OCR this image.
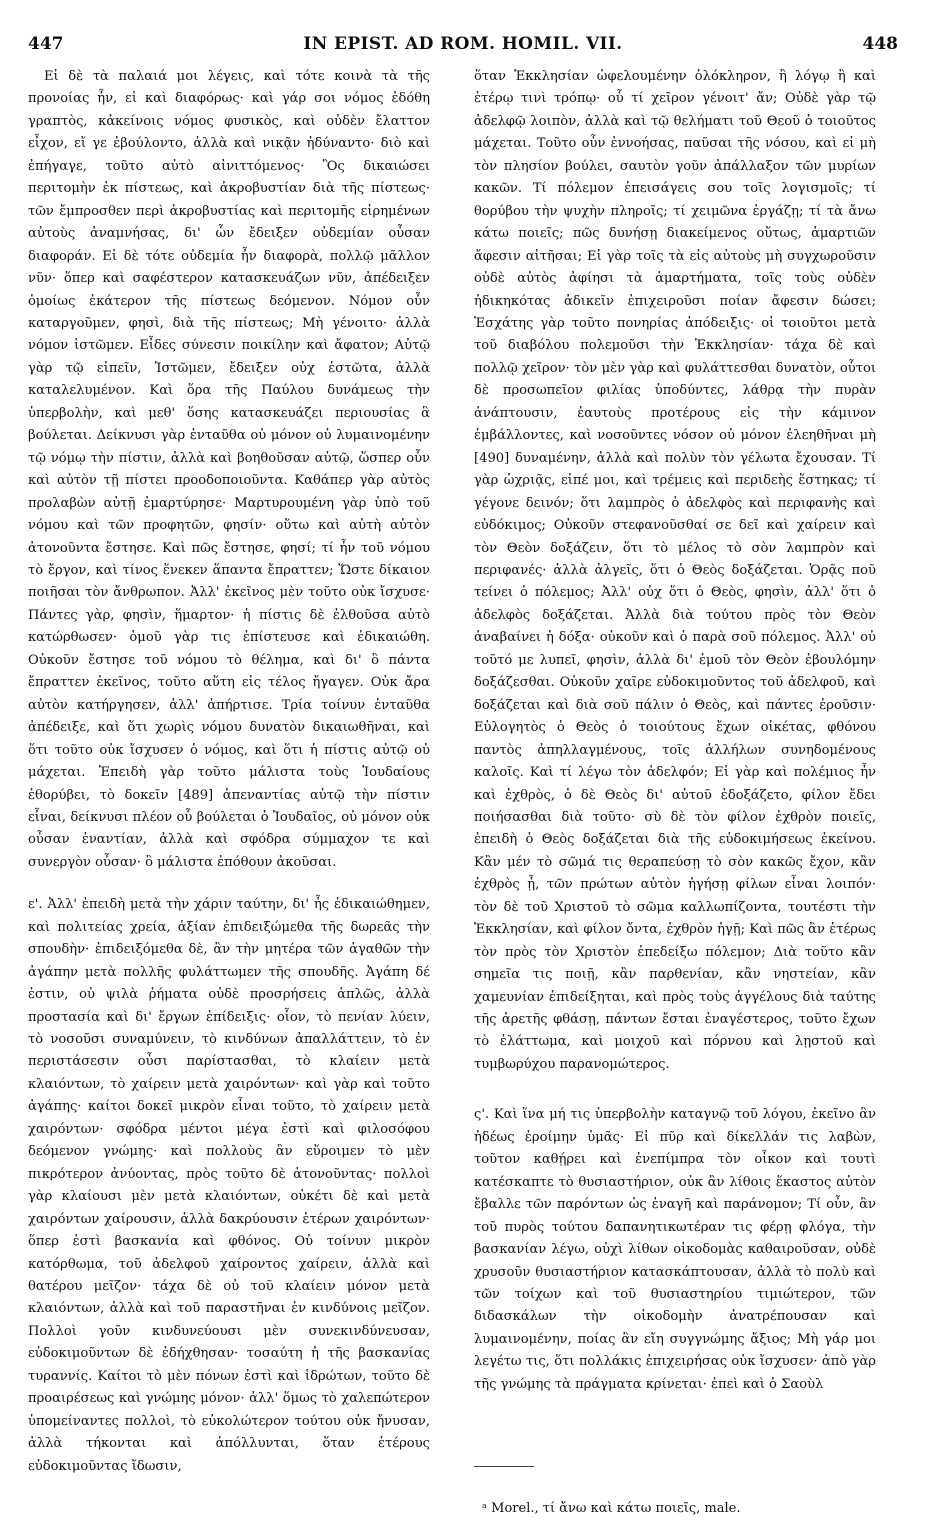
447	IN EPIST. AD ROM. HOMIL. VII.	448

Εἰ δὲ τὰ παλαιά μοι λέγεις, καὶ τότε κοινὰ τὰ τῆς προνοίας ἦν, εἰ καὶ διαφόρως· καὶ γάρ σοι νόμος ἐδόθη γραπτὸς, κἀκείνοις νόμος φυσικὸς, καὶ οὐδὲν ἔλαττον εἶχον, εἴ γε ἐβούλοντο, ἀλλὰ καὶ νικᾷν ἠδύναντο· διὸ καὶ ἐπήγαγε, τοῦτο αὐτὸ αἰνιττόμενος· Ὃς δικαιώσει περιτομὴν ἐκ πίστεως, καὶ ἀκροβυστίαν διὰ τῆς πίστεως· τῶν ἔμπροσθεν περὶ ἀκροβυστίας καὶ περιτομῆς εἰρημένων αὐτοὺς ἀναμνήσας, δι' ὧν ἔδειξεν οὐδεμίαν οὖσαν διαφοράν. Εἰ δὲ τότε οὐδεμία ἦν διαφορὰ, πολλῷ μᾶλλον νῦν· ὅπερ καὶ σαφέστερον κατασκευάζων νῦν, ἀπέδειξεν ὁμοίως ἑκάτερον τῆς πίστεως δεόμενον. Νόμον οὖν καταργοῦμεν, φησὶ, διὰ τῆς πίστεως; Μὴ γένοιτο· ἀλλὰ νόμον ἱστῶμεν. Εἶδες σύνεσιν ποικίλην καὶ ἄφατον; Αὐτῷ γὰρ τῷ εἰπεῖν, Ἱστῶμεν, ἔδειξεν οὐχ ἑστῶτα, ἀλλὰ καταλελυμένον. Καὶ ὅρα τῆς Παύλου δυνάμεως τὴν ὑπερβολὴν, καὶ μεθ' ὅσης κατασκευάζει περιουσίας ἃ βούλεται. Δείκνυσι γὰρ ἐνταῦθα οὐ μόνον οὐ λυμαινομένην τῷ νόμῳ τὴν πίστιν, ἀλλὰ καὶ βοηθοῦσαν αὐτῷ, ὥσπερ οὖν καὶ αὐτὸν τῇ πίστει προοδοποιοῦντα. Καθάπερ γὰρ αὐτὸς προλαβὼν αὐτῇ ἐμαρτύρησε· Μαρτυρουμένη γὰρ ὑπὸ τοῦ νόμου καὶ τῶν προφητῶν, φησίν· οὕτω καὶ αὐτὴ αὐτὸν ἀτονοῦντα ἔστησε. Καὶ πῶς ἔστησε, φησί; τί ἦν τοῦ νόμου τὸ ἔργον, καὶ τίνος ἕνεκεν ἅπαντα ἔπραττεν; Ὥστε δίκαιον ποιῆσαι τὸν ἄνθρωπον. Ἀλλ' ἐκεῖνος μὲν τοῦτο οὐκ ἴσχυσε· Πάντες γὰρ, φησὶν, ἥμαρτον· ἡ πίστις δὲ ἐλθοῦσα αὐτὸ κατώρθωσεν· ὁμοῦ γὰρ τις ἐπίστευσε καὶ ἐδικαιώθη. Οὐκοῦν ἔστησε τοῦ νόμου τὸ θέλημα, καὶ δι' ὃ πάντα ἔπραττεν ἐκεῖνος, τοῦτο αὕτη εἰς τέλος ἤγαγεν. Οὐκ ἄρα αὐτὸν κατήργησεν, ἀλλ' ἀπήρτισε. Τρία τοίνυν ἐνταῦθα ἀπέδειξε, καὶ ὅτι χωρὶς νόμου δυνατὸν δικαιωθῆναι, καὶ ὅτι τοῦτο οὐκ ἴσχυσεν ὁ νόμος, καὶ ὅτι ἡ πίστις αὐτῷ οὐ μάχεται. Ἐπειδὴ γὰρ τοῦτο μάλιστα τοὺς Ἰουδαίους ἐθορύβει, τὸ δοκεῖν [489] ἀπεναντίας αὐτῷ τὴν πίστιν εἶναι, δείκνυσι πλέον οὗ βούλεται ὁ Ἰουδαῖος, οὐ μόνον οὐκ οὖσαν ἐναντίαν, ἀλλὰ καὶ σφόδρα σύμμαχον τε καὶ συνεργὸν οὖσαν· ὃ μάλιστα ἐπόθουν ἀκοῦσαι.

ε'. Ἀλλ' ἐπειδὴ μετὰ τὴν χάριν ταύτην, δι' ἧς ἐδικαιώθημεν, καὶ πολιτείας χρεία, ἀξίαν ἐπιδειξώμεθα τῆς δωρεᾶς τὴν σπουδὴν· ἐπιδειξόμεθα δὲ, ἂν τὴν μητέρα τῶν ἀγαθῶν τὴν ἀγάπην μετὰ πολλῆς φυλάττωμεν τῆς σπουδῆς. Ἀγάπη δέ ἐστιν, οὐ ψιλὰ ῥήματα οὐδὲ προσρήσεις ἁπλῶς, ἀλλὰ προστασία καὶ δι' ἔργων ἐπίδειξις· οἷον, τὸ πενίαν λύειν, τὸ νοσοῦσι συναμύνειν, τὸ κινδύνων ἀπαλλάττειν, τὸ ἐν περιστάσεσιν οὖσι παρίστασθαι, τὸ κλαίειν μετὰ κλαιόντων, τὸ χαίρειν μετὰ χαιρόντων· καὶ γὰρ καὶ τοῦτο ἀγάπης· καίτοι δοκεῖ μικρὸν εἶναι τοῦτο, τὸ χαίρειν μετὰ χαιρόντων· σφόδρα μέντοι μέγα ἐστὶ καὶ φιλοσόφου δεόμενον γνώμης· καὶ πολλοὺς ἂν εὕροιμεν τὸ μὲν πικρότερον ἀνύοντας, πρὸς τοῦτο δὲ ἀτονοῦντας· πολλοὶ γὰρ κλαίουσι μὲν μετὰ κλαιόντων, οὐκέτι δὲ καὶ μετὰ χαιρόντων χαίρουσιν, ἀλλὰ δακρύουσιν ἑτέρων χαιρόντων· ὅπερ ἐστὶ βασκανία καὶ φθόνος. Οὐ τοίνυν μικρὸν κατόρθωμα, τοῦ ἀδελφοῦ χαίροντος χαίρειν, ἀλλὰ καὶ θατέρου μεῖζον· τάχα δὲ οὐ τοῦ κλαίειν μόνον μετὰ κλαιόντων, ἀλλὰ καὶ τοῦ παραστῆναι ἐν κινδύνοις μεῖζον. Πολλοὶ γοῦν κινδυνεύουσι μὲν συνεκινδύνευσαν, εὐδοκιμοῦντων δὲ ἐδήχθησαν· τοσαύτη ἡ τῆς βασκανίας τυραννίς. Καίτοι τὸ μὲν πόνων ἐστὶ καὶ ἱδρώτων, τοῦτο δὲ προαιρέσεως καὶ γνώμης μόνον· ἀλλ' ὅμως τὸ χαλεπώτερον ὑπομείναντες πολλοὶ, τὸ εὐκολώτερον τούτου οὐκ ἤνυσαν, ἀλλὰ τήκονται καὶ ἀπόλλυνται, ὅταν ἑτέρους εὐδοκιμοῦντας ἴδωσιν,

ὅταν Ἐκκλησίαν ὠφελουμένην ὁλόκληρον, ἢ λόγῳ ἢ καὶ ἑτέρῳ τινὶ τρόπῳ· οὗ τί χεῖρον γένοιτ' ἄν; Οὐδὲ γὰρ τῷ ἀδελφῷ λοιπὸν, ἀλλὰ καὶ τῷ θελήματι τοῦ Θεοῦ ὁ τοιοῦτος μάχεται. Τοῦτο οὖν ἐννοήσας, παῦσαι τῆς νόσου, καὶ εἰ μὴ τὸν πλησίον βούλει, σαυτὸν γοῦν ἀπάλλαξον τῶν μυρίων κακῶν. Τί πόλεμον ἐπεισάγεις σου τοῖς λογισμοῖς; τί θορύβου τὴν ψυχὴν πληροῖς; τί χειμῶνα ἐργάζῃ; τί τὰ ἄνω κάτω ποιεῖς; πῶς δυνήσῃ διακείμενος οὕτως, ἁμαρτιῶν ἄφεσιν αἰτῆσαι; Εἰ γὰρ τοῖς τὰ εἰς αὐτοὺς μὴ συγχωροῦσιν οὐδὲ αὐτὸς ἀφίησι τὰ ἁμαρτήματα, τοῖς τοὺς οὐδὲν ἠδικηκότας ἀδικεῖν ἐπιχειροῦσι ποίαν ἄφεσιν δώσει; Ἐσχάτης γὰρ τοῦτο πονηρίας ἀπόδειξις· οἱ τοιοῦτοι μετὰ τοῦ διαβόλου πολεμοῦσι τὴν Ἐκκλησίαν· τάχα δὲ καὶ πολλῷ χεῖρον· τὸν μὲν γὰρ καὶ φυλάττεσθαι δυνατὸν, οὗτοι δὲ προσωπεῖον φιλίας ὑποδύντες, λάθρᾳ τὴν πυρὰν ἀνάπτουσιν, ἑαυτοὺς προτέρους εἰς τὴν κάμινον ἐμβάλλοντες, καὶ νοσοῦντες νόσον οὐ μόνον ἐλεηθῆναι μὴ [490] δυναμένην, ἀλλὰ καὶ πολὺν τὸν γέλωτα ἔχουσαν. Τί γὰρ ὠχριᾷς, εἰπέ μοι, καὶ τρέμεις καὶ περιδεὴς ἕστηκας; τί γέγονε δεινόν; ὅτι λαμπρὸς ὁ ἀδελφὸς καὶ περιφανὴς καὶ εὐδόκιμος; Οὐκοῦν στεφανοῦσθαί σε δεῖ καὶ χαίρειν καὶ τὸν Θεὸν δοξάζειν, ὅτι τὸ μέλος τὸ σὸν λαμπρὸν καὶ περιφανές· ἀλλὰ ἀλγεῖς, ὅτι ὁ Θεὸς δοξάζεται. Ὁρᾷς ποῦ τείνει ὁ πόλεμος; Ἀλλ' οὐχ ὅτι ὁ Θεὸς, φησὶν, ἀλλ' ὅτι ὁ ἀδελφὸς δοξάζεται. Ἀλλὰ διὰ τούτου πρὸς τὸν Θεὸν ἀναβαίνει ἡ δόξα· οὐκοῦν καὶ ὁ παρὰ σοῦ πόλεμος. Ἀλλ' οὐ τοῦτό με λυπεῖ, φησὶν, ἀλλὰ δι' ἐμοῦ τὸν Θεὸν ἐβουλόμην δοξάζεσθαι. Οὐκοῦν χαῖρε εὐδοκιμοῦντος τοῦ ἀδελφοῦ, καὶ δοξάζεται καὶ διὰ σοῦ πάλιν ὁ Θεὸς, καὶ πάντες ἐροῦσιν· Εὐλογητὸς ὁ Θεὸς ὁ τοιούτους ἔχων οἰκέτας, φθόνου παντὸς ἀπηλλαγμένους, τοῖς ἀλλήλων συνηδομένους καλοῖς. Καὶ τί λέγω τὸν ἀδελφόν; Εἰ γὰρ καὶ πολέμιος ἦν καὶ ἐχθρὸς, ὁ δὲ Θεὸς δι' αὐτοῦ ἐδοξάζετο, φίλον ἔδει ποιήσασθαι διὰ τοῦτο· σὺ δὲ τὸν φίλον ἐχθρὸν ποιεῖς, ἐπειδὴ ὁ Θεὸς δοξάζεται διὰ τῆς εὐδοκιμήσεως ἐκείνου. Κἂν μέν τὸ σῶμά τις θεραπεύσῃ τὸ σὸν κακῶς ἔχον, κἂν ἐχθρὸς ᾖ, τῶν πρώτων αὐτὸν ἡγήσῃ φίλων εἶναι λοιπόν· τὸν δὲ τοῦ Χριστοῦ τὸ σῶμα καλλωπίζοντα, τουτέστι τὴν Ἐκκλησίαν, καὶ φίλον ὄντα, ἐχθρὸν ἡγῇ; Καὶ πῶς ἂν ἑτέρως τὸν πρὸς τὸν Χριστὸν ἐπεδείξω πόλεμον; Διὰ τοῦτο κἂν σημεῖα τις ποιῇ, κἂν παρθενίαν, κἂν νηστείαν, κἂν χαμευνίαν ἐπιδείξηται, καὶ πρὸς τοὺς ἀγγέλους διὰ ταύτης τῆς ἀρετῆς φθάσῃ, πάντων ἔσται ἐναγέστερος, τοῦτο ἔχων τὸ ἐλάττωμα, καὶ μοιχοῦ καὶ πόρνου καὶ λῃστοῦ καὶ τυμβωρύχου παρανομώτερος.

ς'. Καὶ ἵνα μή τις ὑπερβολὴν καταγνῷ τοῦ λόγου, ἐκεῖνο ἂν ἡδέως ἐροίμην ὑμᾶς· Εἰ πῦρ καὶ δίκελλάν τις λαβὼν, τοῦτον καθῄρει καὶ ἐνεπίμπρα τὸν οἶκον καὶ τουτὶ κατέσκαπτε τὸ θυσιαστήριον, οὐκ ἂν λίθοις ἕκαστος αὐτὸν ἔβαλλε τῶν παρόντων ὡς ἐναγῆ καὶ παράνομον; Τί οὖν, ἂν τοῦ πυρὸς τούτου δαπανητικωτέραν τις φέρῃ φλόγα, τὴν βασκανίαν λέγω, οὐχὶ λίθων οἰκοδομὰς καθαιροῦσαν, οὐδὲ χρυσοῦν θυσιαστήριον κατασκάπτουσαν, ἀλλὰ τὸ πολὺ καὶ τῶν τοίχων καὶ τοῦ θυσιαστηρίου τιμιώτερον, τῶν διδασκάλων τὴν οἰκοδομὴν ἀνατρέπουσαν καὶ λυμαινομένην, ποίας ἂν εἴη συγγνώμης ἄξιος; Μὴ γάρ μοι λεγέτω τις, ὅτι πολλάκις ἐπιχειρήσας οὐκ ἴσχυσεν· ἀπὸ γὰρ τῆς γνώμης τὰ πράγματα κρίνεται· ἐπεὶ καὶ ὁ Σαοὺλ

ᵃ Morel., τί ἄνω καὶ κάτω ποιεῖς, male.
